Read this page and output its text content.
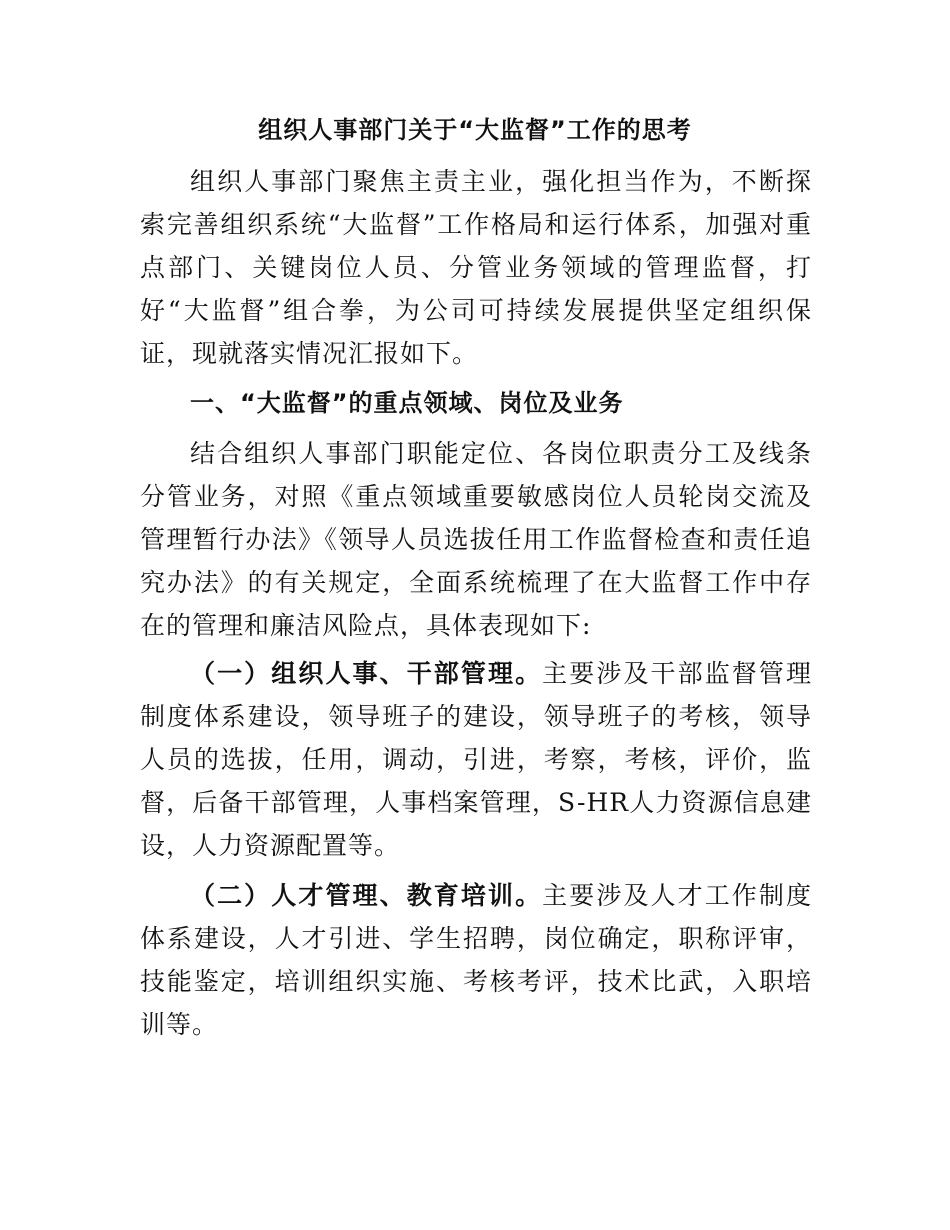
组织人事部门关于“大监督”工作的思考

组织人事部门聚焦主责主业，强化担当作为，不断探索完善组织系统“大监督”工作格局和运行体系，加强对重点部门、关键岗位人员、分管业务领域的管理监督，打好“大监督”组合拳，为公司可持续发展提供坚定组织保证，现就落实情况汇报如下。

一、“大监督”的重点领域、岗位及业务

结合组织人事部门职能定位、各岗位职责分工及线条分管业务，对照《重点领域重要敏感岗位人员轮岗交流及管理暂行办法》《领导人员选拔任用工作监督检查和责任追究办法》的有关规定，全面系统梳理了在大监督工作中存在的管理和廉洁风险点，具体表现如下:

（一）组织人事、干部管理。主要涉及干部监督管理制度体系建设，领导班子的建设，领导班子的考核，领导人员的选拔，任用，调动，引进，考察，考核，评价，监督，后备干部管理，人事档案管理，S-HR人力资源信息建设，人力资源配置等。

（二）人才管理、教育培训。主要涉及人才工作制度体系建设，人才引进、学生招聘，岗位确定，职称评审，技能鉴定，培训组织实施、考核考评，技术比武，入职培训等。
